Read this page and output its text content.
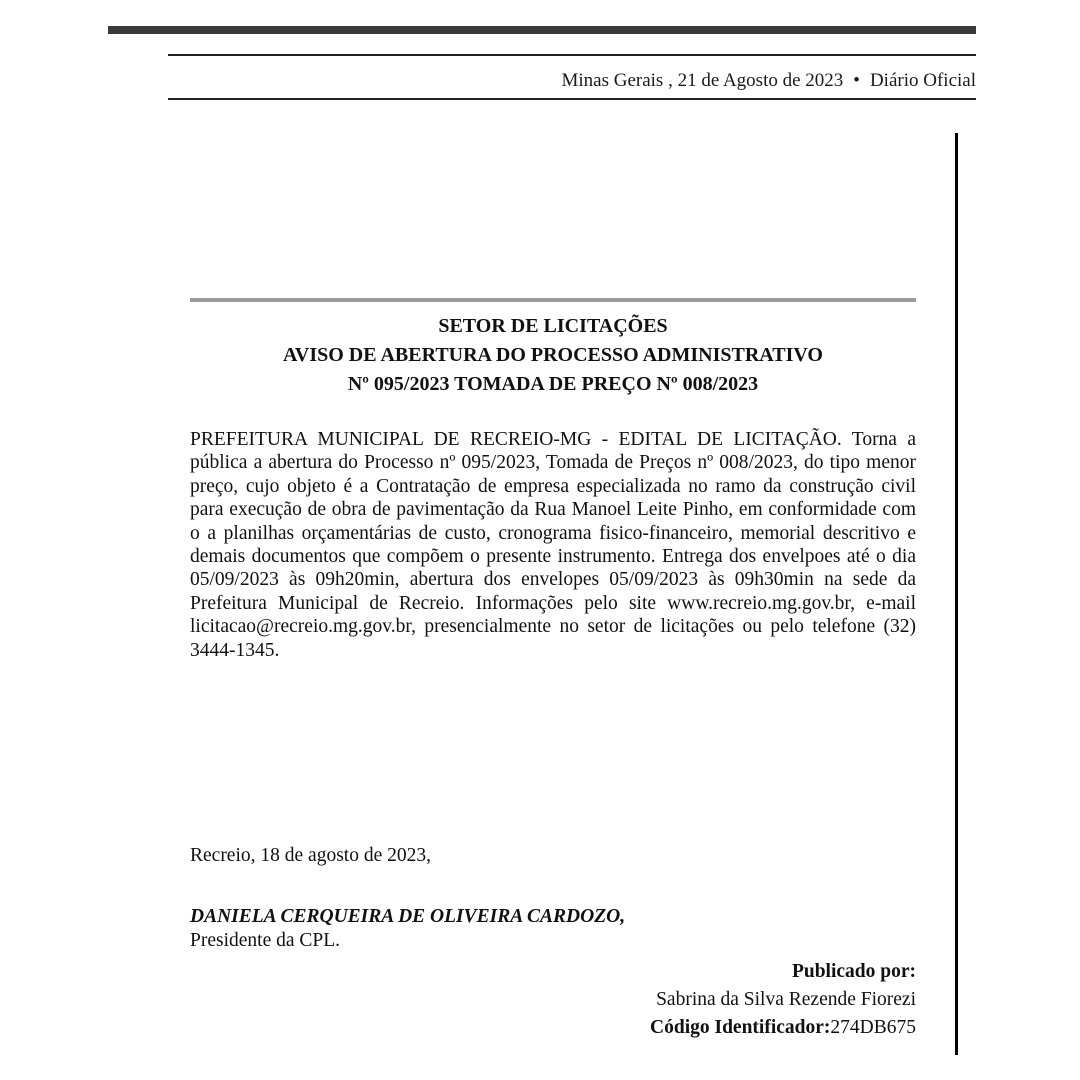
Minas Gerais , 21 de Agosto de 2023 • Diário Oficial
SETOR DE LICITAÇÕES
AVISO DE ABERTURA DO PROCESSO ADMINISTRATIVO
Nº 095/2023 TOMADA DE PREÇO Nº 008/2023

PREFEITURA MUNICIPAL DE RECREIO-MG - EDITAL DE LICITAÇÃO. Torna a pública a abertura do Processo nº 095/2023, Tomada de Preços nº 008/2023, do tipo menor preço, cujo objeto é a Contratação de empresa especializada no ramo da construção civil para execução de obra de pavimentação da Rua Manoel Leite Pinho, em conformidade com o a planilhas orçamentárias de custo, cronograma fisico-financeiro, memorial descritivo e demais documentos que compõem o presente instrumento. Entrega dos envelpoes até o dia 05/09/2023 às 09h20min, abertura dos envelopes 05/09/2023 às 09h30min na sede da Prefeitura Municipal de Recreio. Informações pelo site www.recreio.mg.gov.br, e-mail licitacao@recreio.mg.gov.br, presencialmente no setor de licitações ou pelo telefone (32) 3444-1345.

Recreio, 18 de agosto de 2023,

DANIELA CERQUEIRA DE OLIVEIRA CARDOZO,

Presidente da CPL.

Publicado por:
Sabrina da Silva Rezende Fiorezi
Código Identificador:274DB675
